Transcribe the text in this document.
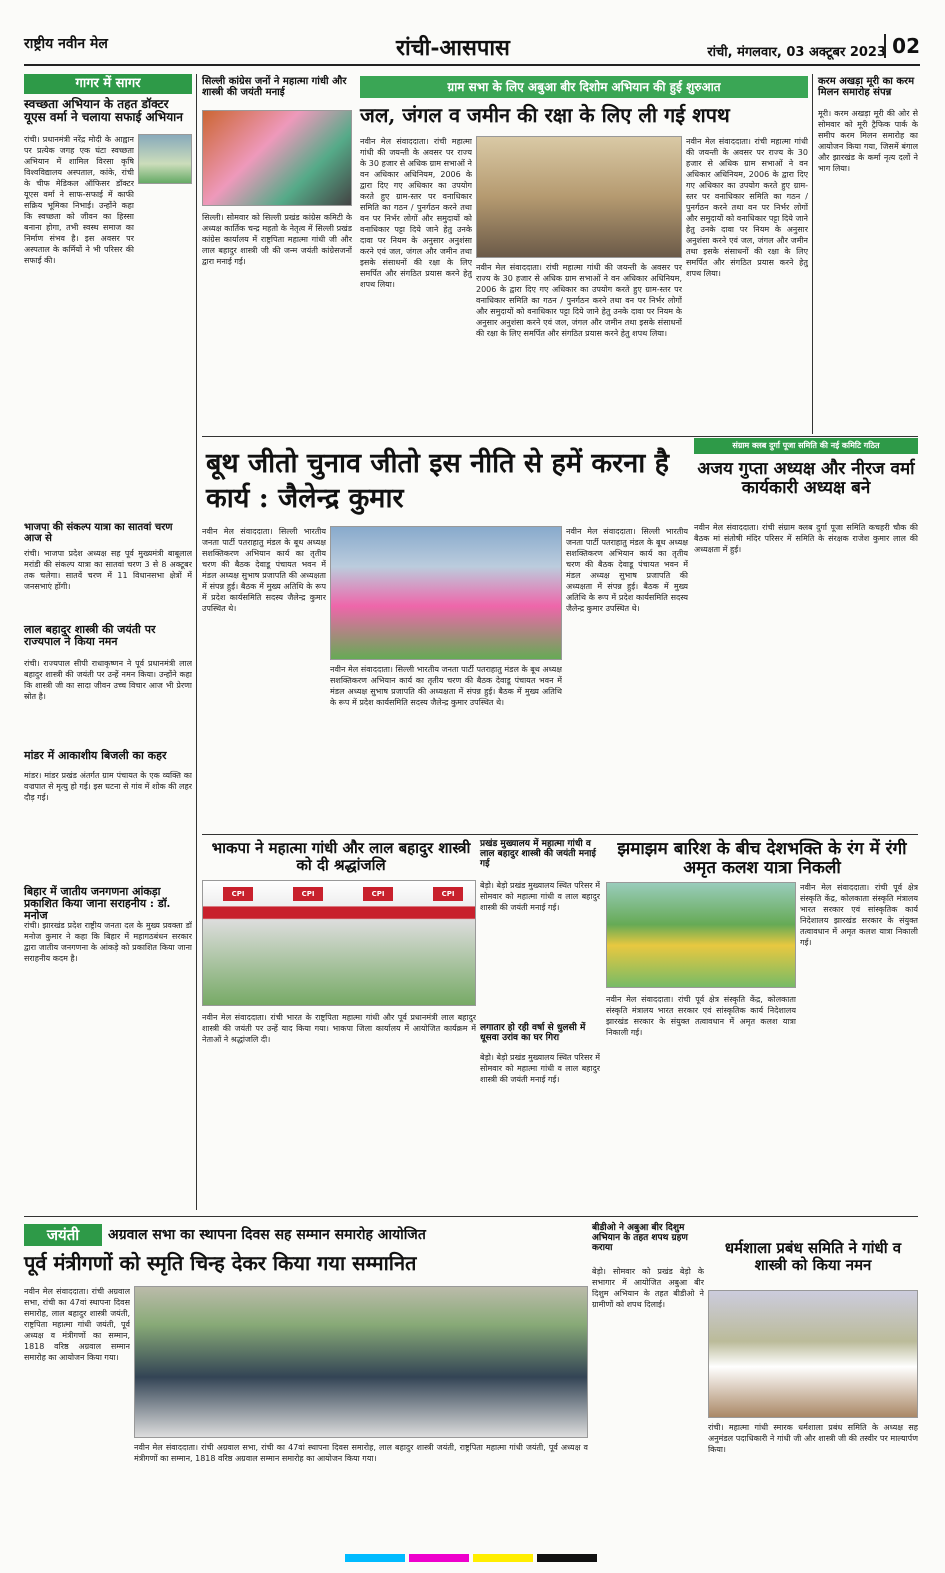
राष्ट्रीय नवीन मेल	रांची-आसपास	रांची, मंगलवार, 03 अक्टूबर 2023 02
गागर में सागर
स्वच्छता अभियान के तहत डॉक्टर यूएस वर्मा ने चलाया सफाई अभियान
रांची। प्रधानमंत्री नरेंद्र मोदी के आह्वान पर प्रत्येक जगह एक घंटा स्वच्छता अभियान में शामिल विरसा कृषि विश्वविद्यालय अस्पताल, कांके, रांची के चीफ मेडिकल ऑफिसर डॉक्टर यूएस वर्मा ने साफ-सफाई में काफी सक्रिय भूमिका निभाई। उन्होंने कहा कि स्वच्छता को जीवन का हिस्सा बनाना होगा, तभी स्वस्थ समाज का निर्माण संभव है। इस अवसर पर अस्पताल के कर्मियों ने भी परिसर की सफाई की।
भाजपा की संकल्प यात्रा का सातवां चरण आज से
रांची। भाजपा प्रदेश अध्यक्ष सह पूर्व मुख्यमंत्री बाबूलाल मरांडी की संकल्प यात्रा का सातवां चरण 3 से 8 अक्टूबर तक चलेगा। सातवें चरण में 11 विधानसभा क्षेत्रों में जनसभाएं होंगी।
लाल बहादुर शास्त्री की जयंती पर राज्यपाल ने किया नमन
रांची। राज्यपाल सीपी राधाकृष्णन ने पूर्व प्रधानमंत्री लाल बहादुर शास्त्री की जयंती पर उन्हें नमन किया। उन्होंने कहा कि शास्त्री जी का सादा जीवन उच्च विचार आज भी प्रेरणा स्रोत है।
मांडर में आकाशीय बिजली का कहर
मांडर। मांडर प्रखंड अंतर्गत ग्राम पंचायत के एक व्यक्ति का वज्रपात से मृत्यु हो गई। इस घटना से गांव में शोक की लहर दौड़ गई।
बिहार में जातीय जनगणना आंकड़ा प्रकाशित किया जाना सराहनीय : डॉ. मनोज
रांची। झारखंड प्रदेश राष्ट्रीय जनता दल के मुख्य प्रवक्ता डॉ मनोज कुमार ने कहा कि बिहार में महागठबंधन सरकार द्वारा जातीय जनगणना के आंकड़े को प्रकाशित किया जाना सराहनीय कदम है।
सिल्ली कांग्रेस जनों ने महात्मा गांधी और शास्त्री की जयंती मनाई
सिल्ली। सोमवार को सिल्ली प्रखंड कांग्रेस कमिटी के अध्यक्ष कार्तिक चन्द्र महतो के नेतृत्व में सिल्ली प्रखंड कांग्रेस कार्यालय में राष्ट्रपिता महात्मा गांधी जी और लाल बहादुर शास्त्री जी की जन्म जयंती कांग्रेसजनों द्वारा मनाई गई।
ग्राम सभा के लिए अबुआ बीर दिशोम अभियान की हुई शुरुआत
जल, जंगल व जमीन की रक्षा के लिए ली गई शपथ
नवीन मेल संवाददाता। रांची महात्मा गांधी की जयन्ती के अवसर पर राज्य के 30 हजार से अधिक ग्राम सभाओं ने वन अधिकार अधिनियम, 2006 के द्वारा दिए गए अधिकार का उपयोग करते हुए ग्राम-स्तर पर वनाधिकार समिति का गठन / पुनर्गठन करने तथा वन पर निर्भर लोगों और समुदायों को वनाधिकार पट्टा दिये जाने हेतु उनके दावा पर नियम के अनुसार अनुशंसा करने एवं जल, जंगल और जमीन तथा इसके संसाधनों की रक्षा के लिए समर्पित और संगठित प्रयास करने हेतु शपथ लिया।
नवीन मेल संवाददाता। रांची महात्मा गांधी की जयन्ती के अवसर पर राज्य के 30 हजार से अधिक ग्राम सभाओं ने वन अधिकार अधिनियम, 2006 के द्वारा दिए गए अधिकार का उपयोग करते हुए ग्राम-स्तर पर वनाधिकार समिति का गठन / पुनर्गठन करने तथा वन पर निर्भर लोगों और समुदायों को वनाधिकार पट्टा दिये जाने हेतु उनके दावा पर नियम के अनुसार अनुशंसा करने एवं जल, जंगल और जमीन तथा इसके संसाधनों की रक्षा के लिए समर्पित और संगठित प्रयास करने हेतु शपथ लिया।
नवीन मेल संवाददाता। रांची महात्मा गांधी की जयन्ती के अवसर पर राज्य के 30 हजार से अधिक ग्राम सभाओं ने वन अधिकार अधिनियम, 2006 के द्वारा दिए गए अधिकार का उपयोग करते हुए ग्राम-स्तर पर वनाधिकार समिति का गठन / पुनर्गठन करने तथा वन पर निर्भर लोगों और समुदायों को वनाधिकार पट्टा दिये जाने हेतु उनके दावा पर नियम के अनुसार अनुशंसा करने एवं जल, जंगल और जमीन तथा इसके संसाधनों की रक्षा के लिए समर्पित और संगठित प्रयास करने हेतु शपथ लिया।
करम अखड़ा मूरी का करम मिलन समारोह संपन्न
मूरी। करम अखड़ा मूरी की ओर से सोमवार को मूरी ट्रैफिक पार्क के समीप करम मिलन समारोह का आयोजन किया गया, जिसमें बंगाल और झारखंड के कर्मा नृत्य दलों ने भाग लिया।
बूथ जीतो चुनाव जीतो इस नीति से हमें करना है कार्य : जैलेन्द्र कुमार
नवीन मेल संवाददाता। सिल्ली भारतीय जनता पार्टी पतराहातु मंडल के बूथ अध्यक्ष सशक्तिकरण अभियान कार्य का तृतीय चरण की बैठक देवाडू पंचायत भवन में मंडल अध्यक्ष सुभाष प्रजापति की अध्यक्षता में संपन्न हुई। बैठक में मुख्य अतिथि के रूप में प्रदेश कार्यसमिति सदस्य जैलेन्द्र कुमार उपस्थित थे।
नवीन मेल संवाददाता। सिल्ली भारतीय जनता पार्टी पतराहातु मंडल के बूथ अध्यक्ष सशक्तिकरण अभियान कार्य का तृतीय चरण की बैठक देवाडू पंचायत भवन में मंडल अध्यक्ष सुभाष प्रजापति की अध्यक्षता में संपन्न हुई। बैठक में मुख्य अतिथि के रूप में प्रदेश कार्यसमिति सदस्य जैलेन्द्र कुमार उपस्थित थे।
नवीन मेल संवाददाता। सिल्ली भारतीय जनता पार्टी पतराहातु मंडल के बूथ अध्यक्ष सशक्तिकरण अभियान कार्य का तृतीय चरण की बैठक देवाडू पंचायत भवन में मंडल अध्यक्ष सुभाष प्रजापति की अध्यक्षता में संपन्न हुई। बैठक में मुख्य अतिथि के रूप में प्रदेश कार्यसमिति सदस्य जैलेन्द्र कुमार उपस्थित थे।
संग्राम क्लब दुर्गा पूजा समिति की नई कमिटि गठित
अजय गुप्ता अध्यक्ष और नीरज वर्मा कार्यकारी अध्यक्ष बने
नवीन मेल संवाददाता। रांची संग्राम क्लब दुर्गा पूजा समिति कचहरी चौक की बैठक मां संतोषी मंदिर परिसर में समिति के संरक्षक राजेश कुमार लाल की अध्यक्षता में हुई।
भाकपा ने महात्मा गांधी और लाल बहादुर शास्त्री को दी श्रद्धांजलि
CPI	CPI	CPI	CPI
नवीन मेल संवाददाता। रांची भारत के राष्ट्रपिता महात्मा गांधी और पूर्व प्रधानमंत्री लाल बहादुर शास्त्री की जयंती पर उन्हें याद किया गया। भाकपा जिला कार्यालय में आयोजित कार्यक्रम में नेताओं ने श्रद्धांजलि दी।
प्रखंड मुख्यालय में महात्मा गांधी व लाल बहादुर शास्त्री की जयंती मनाई गई
बेड़ो। बेड़ो प्रखंड मुख्यालय स्थित परिसर में सोमवार को महात्मा गांधी व लाल बहादुर शास्त्री की जयंती मनाई गई।
लगातार हो रही वर्षा से धुलसी में धूसवा उरांव का घर गिरा
बेड़ो। बेड़ो प्रखंड मुख्यालय स्थित परिसर में सोमवार को महात्मा गांधी व लाल बहादुर शास्त्री की जयंती मनाई गई।
झमाझम बारिश के बीच देशभक्ति के रंग में रंगी अमृत कलश यात्रा निकली
नवीन मेल संवाददाता। रांची पूर्व क्षेत्र संस्कृति केंद्र, कोलकाता संस्कृति मंत्रालय भारत सरकार एवं सांस्कृतिक कार्य निदेशालय झारखंड सरकार के संयुक्त तत्वावधान में अमृत कलश यात्रा निकाली गई।
नवीन मेल संवाददाता। रांची पूर्व क्षेत्र संस्कृति केंद्र, कोलकाता संस्कृति मंत्रालय भारत सरकार एवं सांस्कृतिक कार्य निदेशालय झारखंड सरकार के संयुक्त तत्वावधान में अमृत कलश यात्रा निकाली गई।
जयंती	अग्रवाल सभा का स्थापना दिवस सह सम्मान समारोह आयोजित
पूर्व मंत्रीगणों को स्मृति चिन्ह देकर किया गया सम्मानित
नवीन मेल संवाददाता। रांची अग्रवाल सभा, रांची का 47वां स्थापना दिवस समारोह, लाल बहादुर शास्त्री जयंती, राष्ट्रपिता महात्मा गांधी जयंती, पूर्व अध्यक्ष व मंत्रीगणों का सम्मान, 1818 वरिष्ठ अग्रवाल सम्मान समारोह का आयोजन किया गया।
नवीन मेल संवाददाता। रांची अग्रवाल सभा, रांची का 47वां स्थापना दिवस समारोह, लाल बहादुर शास्त्री जयंती, राष्ट्रपिता महात्मा गांधी जयंती, पूर्व अध्यक्ष व मंत्रीगणों का सम्मान, 1818 वरिष्ठ अग्रवाल सम्मान समारोह का आयोजन किया गया।
बीडीओ ने अबुआ बीर दिशुम अभियान के तहत शपथ ग्रहण कराया
बेड़ो। सोमवार को प्रखंड बेड़ो के सभागार में आयोजित अबुआ बीर दिशुम अभियान के तहत बीडीओ ने ग्रामीणों को शपथ दिलाई।
धर्मशाला प्रबंध समिति ने गांधी व शास्त्री को किया नमन
रांची। महात्मा गांधी स्मारक धर्मशाला प्रबंध समिति के अध्यक्ष सह अनुमंडल पदाधिकारी ने गांधी जी और शास्त्री जी की तस्वीर पर माल्यार्पण किया।
